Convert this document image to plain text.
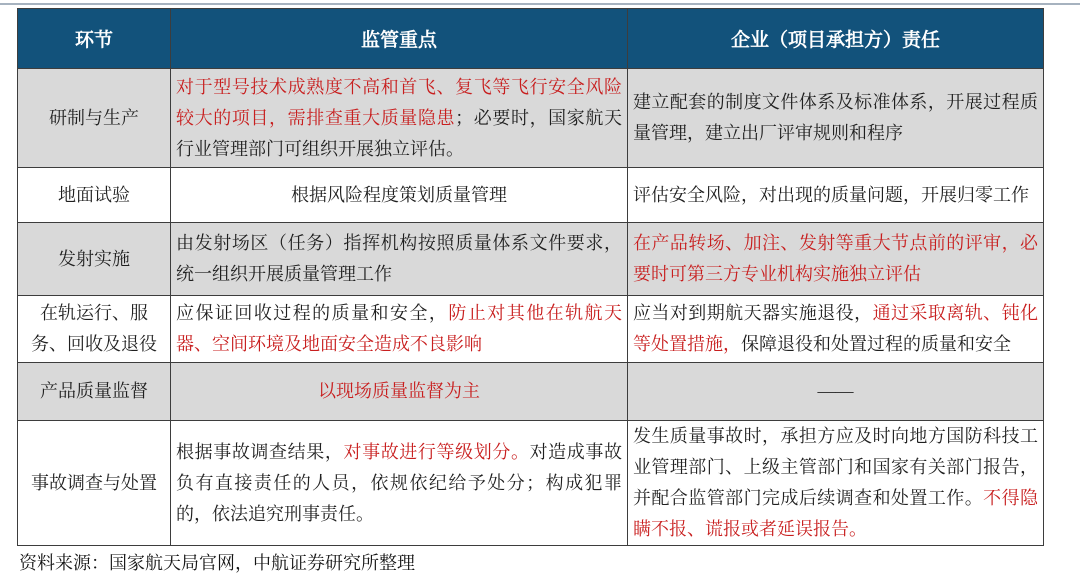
环节	监管重点	企业（项目承担方）责任
研制与生产	对于型号技术成熟度不高和首飞、复飞等飞行安全风险较大的项目，需排查重大质量隐患；必要时，国家航天行业管理部门可组织开展独立评估。	建立配套的制度文件体系及标准体系，开展过程质量管理，建立出厂评审规则和程序
地面试验	根据风险程度策划质量管理	评估安全风险，对出现的质量问题，开展归零工作
发射实施	由发射场区（任务）指挥机构按照质量体系文件要求，统一组织开展质量管理工作	在产品转场、加注、发射等重大节点前的评审，必要时可第三方专业机构实施独立评估
在轨运行、服务、回收及退役	应保证回收过程的质量和安全，防止对其他在轨航天器、空间环境及地面安全造成不良影响	应当对到期航天器实施退役，通过采取离轨、钝化等处置措施，保障退役和处置过程的质量和安全
产品质量监督	以现场质量监督为主	——
事故调查与处置	根据事故调查结果，对事故进行等级划分。对造成事故负有直接责任的人员，依规依纪给予处分；构成犯罪的，依法追究刑事责任。	发生质量事故时，承担方应及时向地方国防科技工业管理部门、上级主管部门和国家有关部门报告，并配合监管部门完成后续调查和处置工作。不得隐瞒不报、谎报或者延误报告。
资料来源：国家航天局官网，中航证券研究所整理
